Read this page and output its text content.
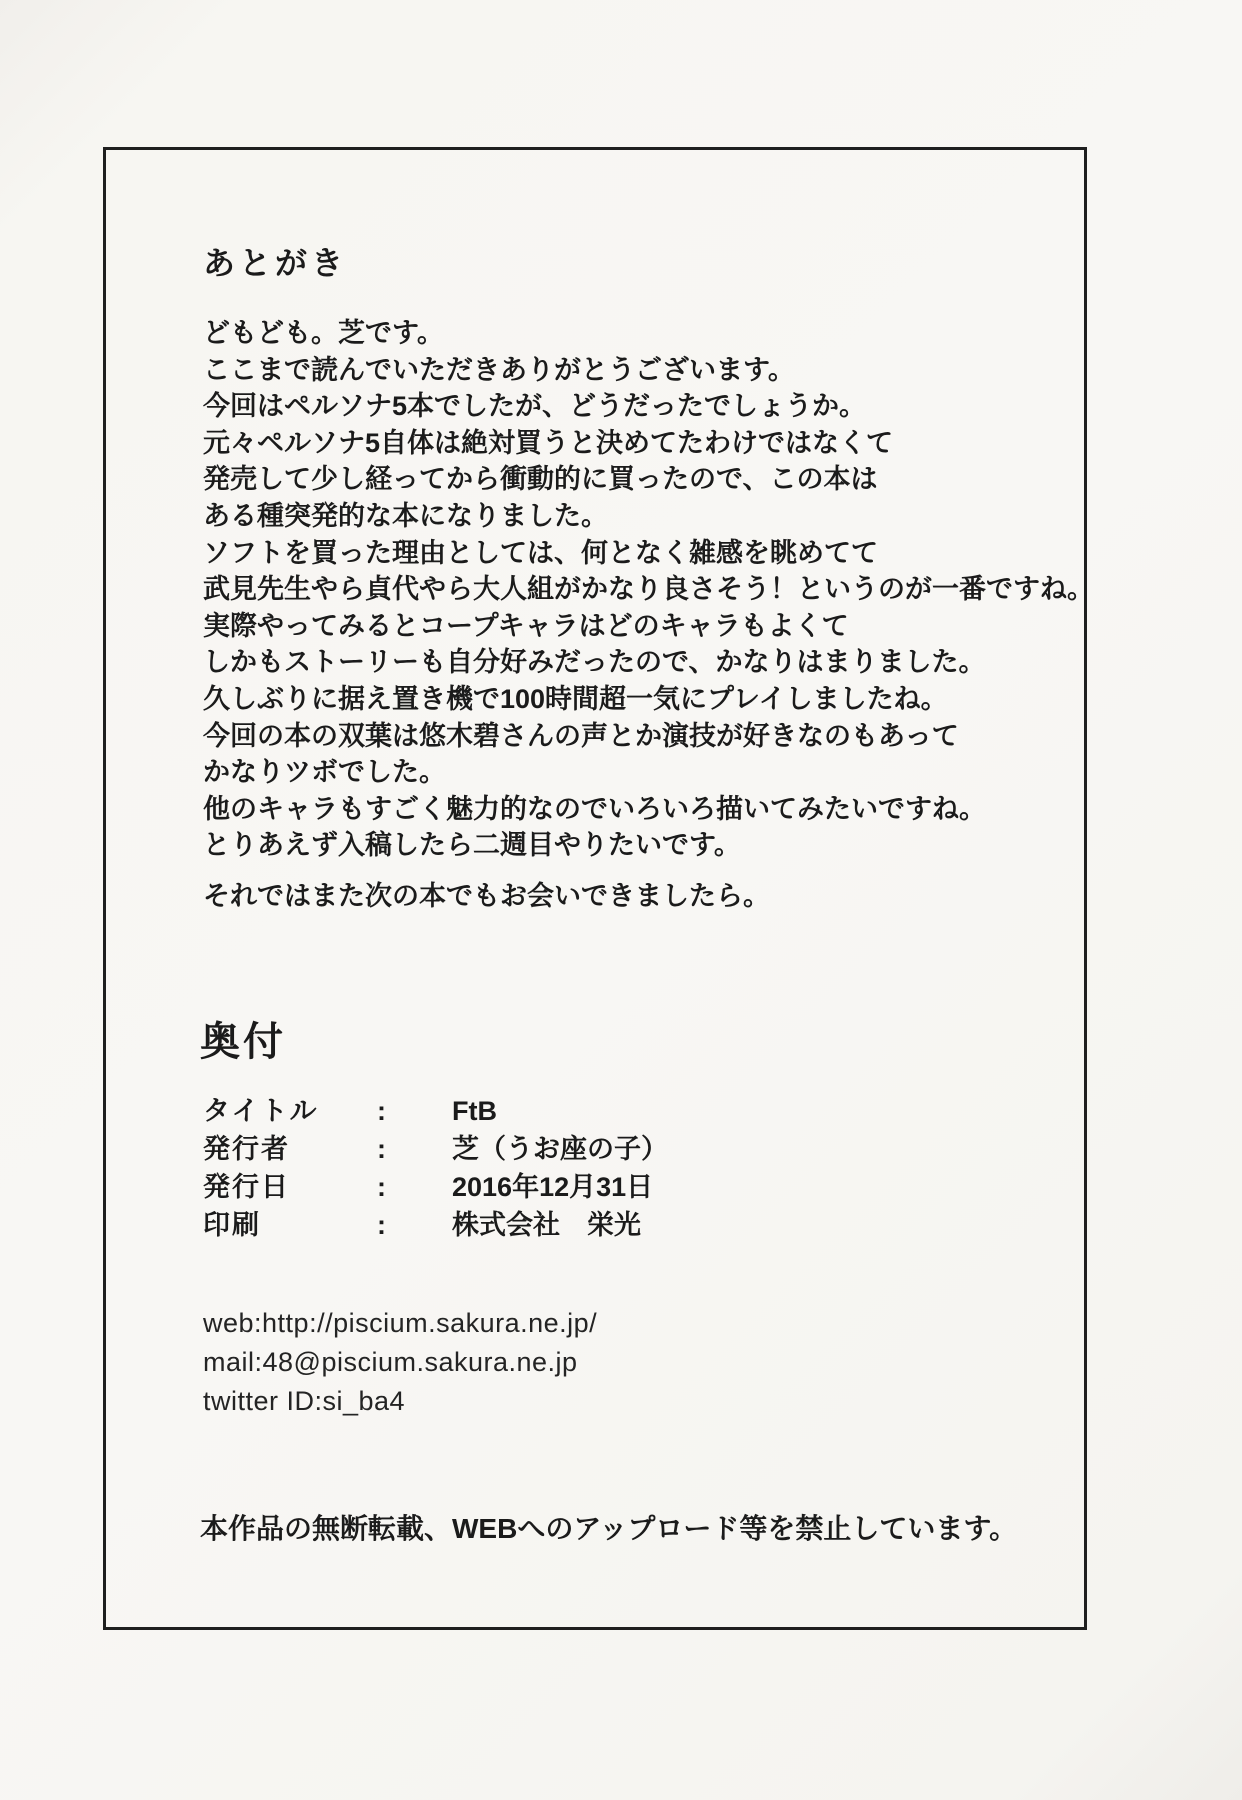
あとがき
どもども。芝です。
ここまで読んでいただきありがとうございます。
今回はペルソナ5本でしたが、どうだったでしょうか。
元々ペルソナ5自体は絶対買うと決めてたわけではなくて
発売して少し経ってから衝動的に買ったので、この本は
ある種突発的な本になりました。
ソフトを買った理由としては、何となく雑感を眺めてて
武見先生やら貞代やら大人組がかなり良さそう！というのが一番ですね。
実際やってみるとコープキャラはどのキャラもよくて
しかもストーリーも自分好みだったので、かなりはまりました。
久しぶりに据え置き機で100時間超一気にプレイしましたね。
今回の本の双葉は悠木碧さんの声とか演技が好きなのもあって
かなりツボでした。
他のキャラもすごく魅力的なのでいろいろ描いてみたいですね。
とりあえず入稿したら二週目やりたいです。
それではまた次の本でもお会いできましたら。
奥付
タイトル	:	FtB
発行者	:	芝（うお座の子）
発行日	:	2016年12月31日
印刷	:	株式会社　栄光
web:http://piscium.sakura.ne.jp/
mail:48@piscium.sakura.ne.jp
twitter ID:si_ba4
本作品の無断転載、WEBへのアップロード等を禁止しています。
